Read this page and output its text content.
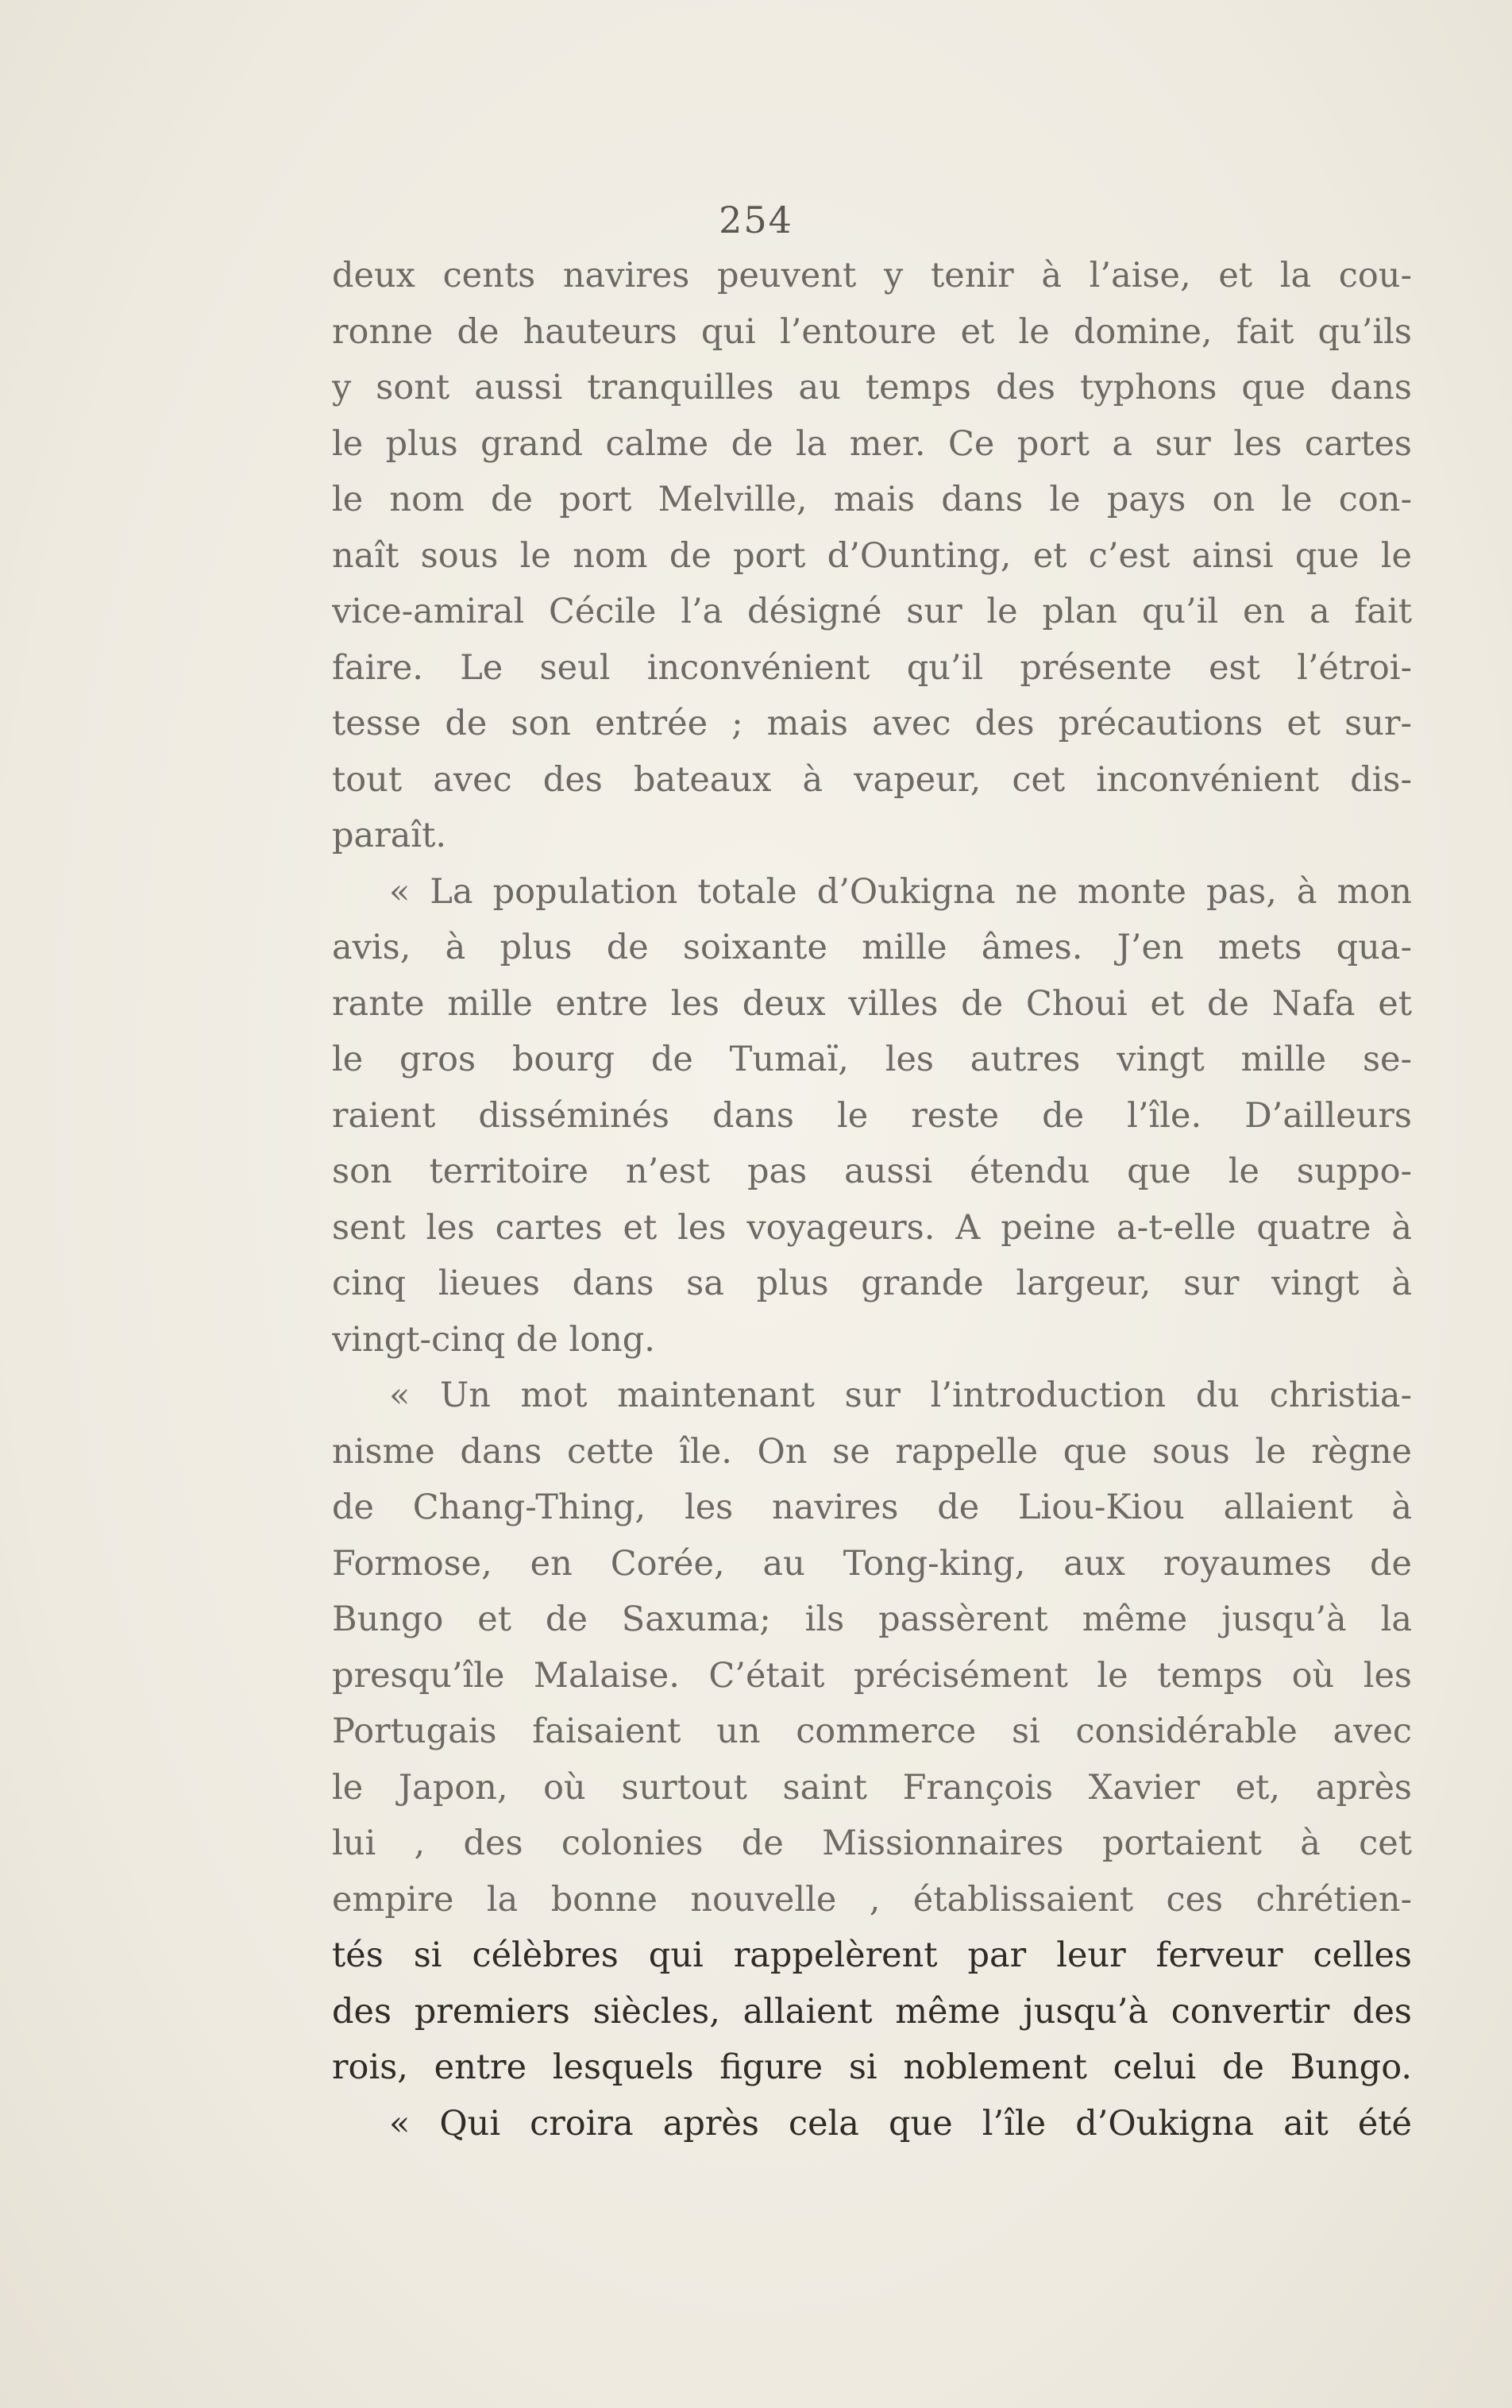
254
deux cents navires peuvent y tenir à l’aise, et la cou-
ronne de hauteurs qui l’entoure et le domine, fait qu’ils
y sont aussi tranquilles au temps des typhons que dans
le plus grand calme de la mer. Ce port a sur les cartes
le nom de port Melville, mais dans le pays on le con-
naît sous le nom de port d’Ounting, et c’est ainsi que le
vice-amiral Cécile l’a désigné sur le plan qu’il en a fait
faire. Le seul inconvénient qu’il présente est l’étroi-
tesse de son entrée ; mais avec des précautions et sur-
tout avec des bateaux à vapeur, cet inconvénient dis-
paraît.
« La population totale d’Oukigna ne monte pas, à mon
avis, à plus de soixante mille âmes. J’en mets qua-
rante mille entre les deux villes de Choui et de Nafa et
le gros bourg de Tumaï, les autres vingt mille se-
raient disséminés dans le reste de l’île. D’ailleurs
son territoire n’est pas aussi étendu que le suppo-
sent les cartes et les voyageurs. A peine a-t-elle quatre à
cinq lieues dans sa plus grande largeur, sur vingt à
vingt-cinq de long.
« Un mot maintenant sur l’introduction du christia-
nisme dans cette île. On se rappelle que sous le règne
de Chang-Thing, les navires de Liou-Kiou allaient à
Formose, en Corée, au Tong-king, aux royaumes de
Bungo et de Saxuma; ils passèrent même jusqu’à la
presqu’île Malaise. C’était précisément le temps où les
Portugais faisaient un commerce si considérable avec
le Japon, où surtout saint François Xavier et, après
lui , des colonies de Missionnaires portaient à cet
empire la bonne nouvelle , établissaient ces chrétien-
tés si célèbres qui rappelèrent par leur ferveur celles
des premiers siècles, allaient même jusqu’à convertir des
rois, entre lesquels figure si noblement celui de Bungo.
« Qui croira après cela que l’île d’Oukigna ait été
